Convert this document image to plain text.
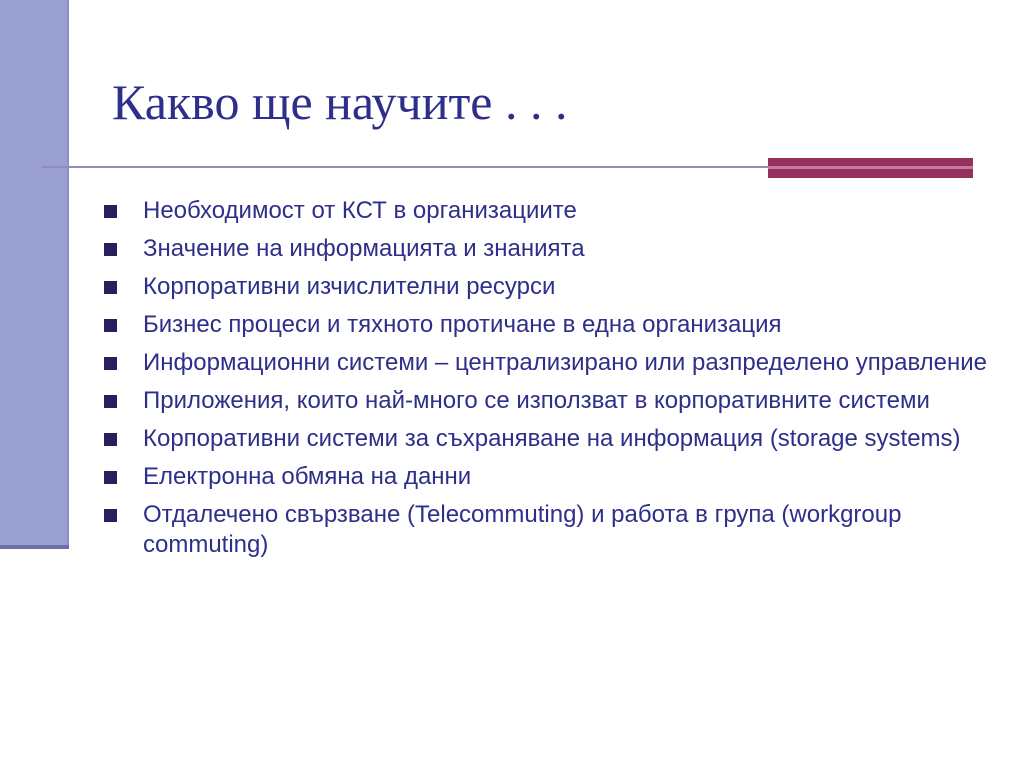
Какво ще научите . . .
Необходимост от КСТ в организациите
Значение на информацията и знанията
Корпоративни изчислителни ресурси
Бизнес процеси и тяхното протичане в една организация
Информационни системи – централизирано или разпределено управление
Приложения, които най-много се използват в корпоративните системи
Корпоративни системи за съхраняване на информация (storage systems)
Електронна обмяна на данни
Отдалечено свързване (Telecommuting) и работа в група (workgroup commuting)
